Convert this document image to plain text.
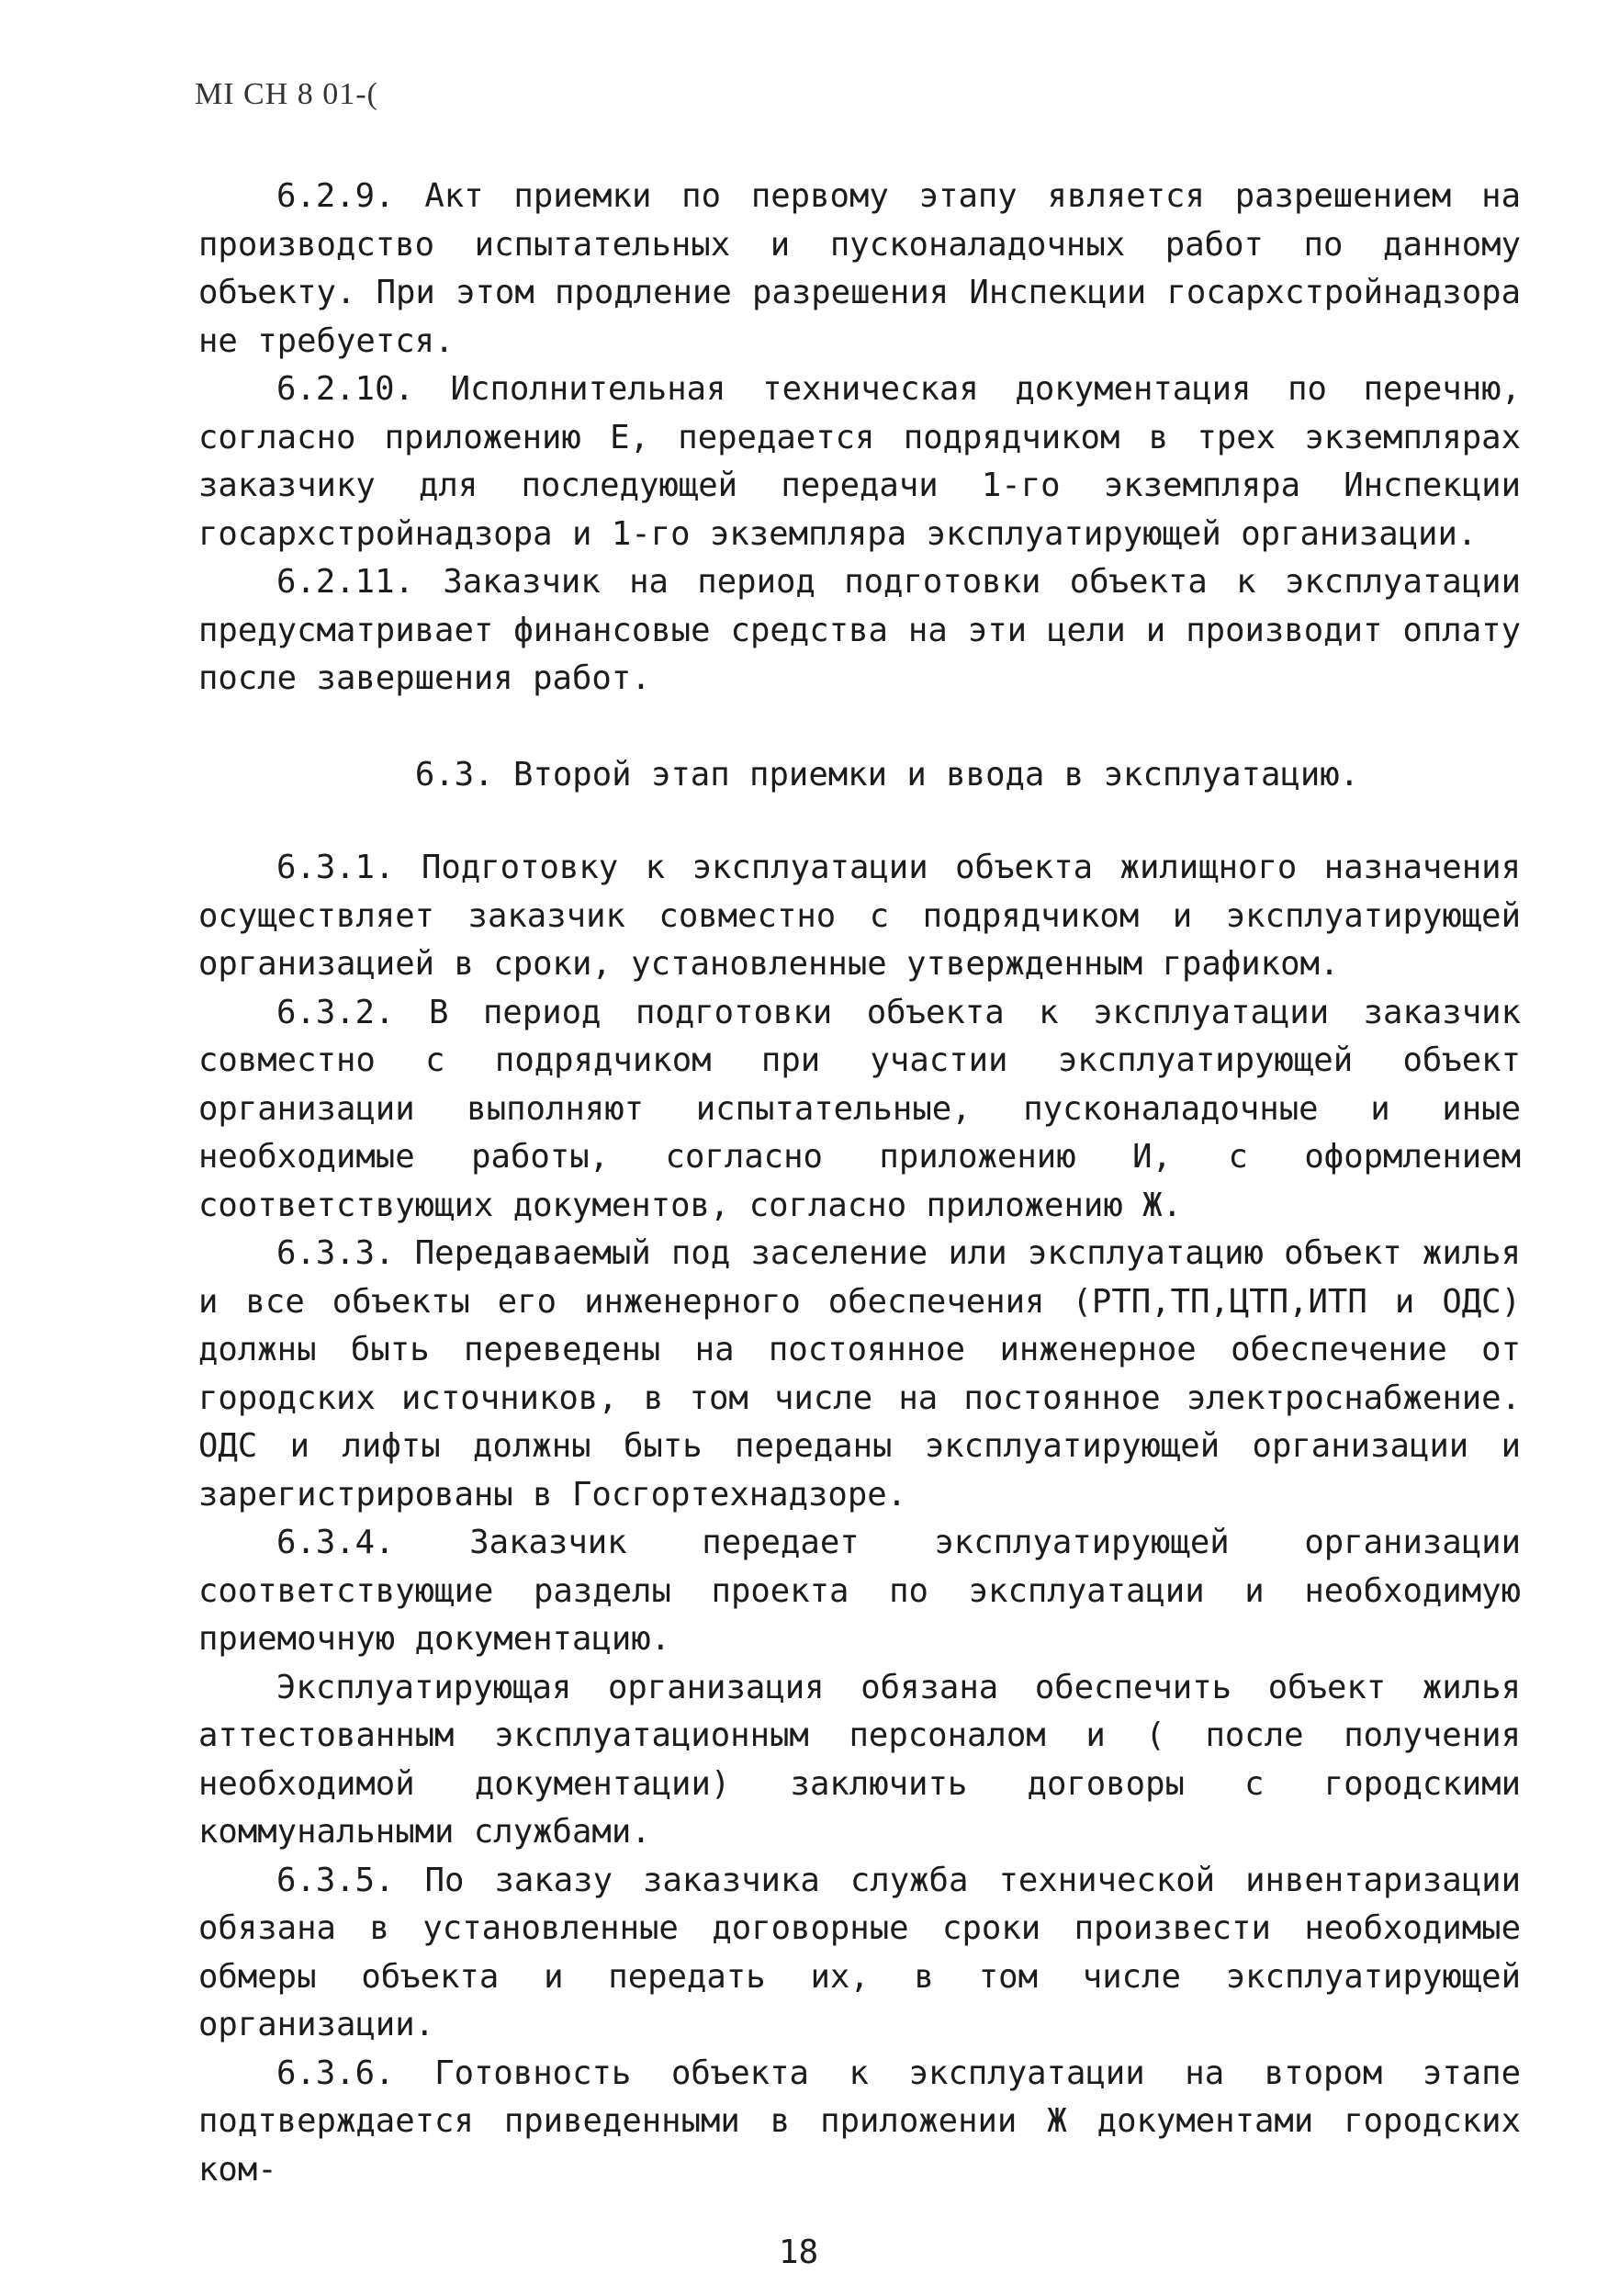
МI СН 8 01-(

6.2.9. Акт приемки по первому этапу является разрешением на производство испытательных и пусконаладочных работ по данному объекту. При этом продление разрешения Инспекции госархстройнадзора не требуется.

6.2.10. Исполнительная техническая документация по перечню, согласно приложению Е, передается подрядчиком в трех экземплярах заказчику для последующей передачи 1-го экземпляра Инспекции госархстройнадзора и 1-го экземпляра эксплуатирующей организации.

6.2.11. Заказчик на период подготовки объекта к эксплуатации предусматривает финансовые средства на эти цели и производит оплату после завершения работ.

6.3. Второй этап приемки и ввода в эксплуатацию.

6.3.1. Подготовку к эксплуатации объекта жилищного назначения осуществляет заказчик совместно с подрядчиком и эксплуатирующей организацией в сроки, установленные утвержденным графиком.

6.3.2. В период подготовки объекта к эксплуатации заказчик совместно с подрядчиком при участии эксплуатирующей объект организации выполняют испытательные, пусконаладочные и иные необходимые работы, согласно приложению И, с оформлением соответствующих документов, согласно приложению Ж.

6.3.3. Передаваемый под заселение или эксплуатацию объект жилья и все объекты его инженерного обеспечения (РТП,ТП,ЦТП,ИТП и ОДС) должны быть переведены на постоянное инженерное обеспечение от городских источников, в том числе на постоянное электроснабжение. ОДС и лифты должны быть переданы эксплуатирующей организации и зарегистрированы в Госгортехнадзоре.

6.3.4. Заказчик передает эксплуатирующей организации соответствующие разделы проекта по эксплуатации и необходимую приемочную документацию.

Эксплуатирующая организация обязана обеспечить объект жилья аттестованным эксплуатационным персоналом и ( после получения необходимой документации) заключить договоры с городскими коммунальными службами.

6.3.5. По заказу заказчика служба технической инвентаризации обязана в установленные договорные сроки произвести необходимые обмеры объекта и передать их, в том числе эксплуатирующей организации.

6.3.6. Готовность объекта к эксплуатации на втором этапе подтверждается приведенными в приложении Ж документами городских ком-

18
